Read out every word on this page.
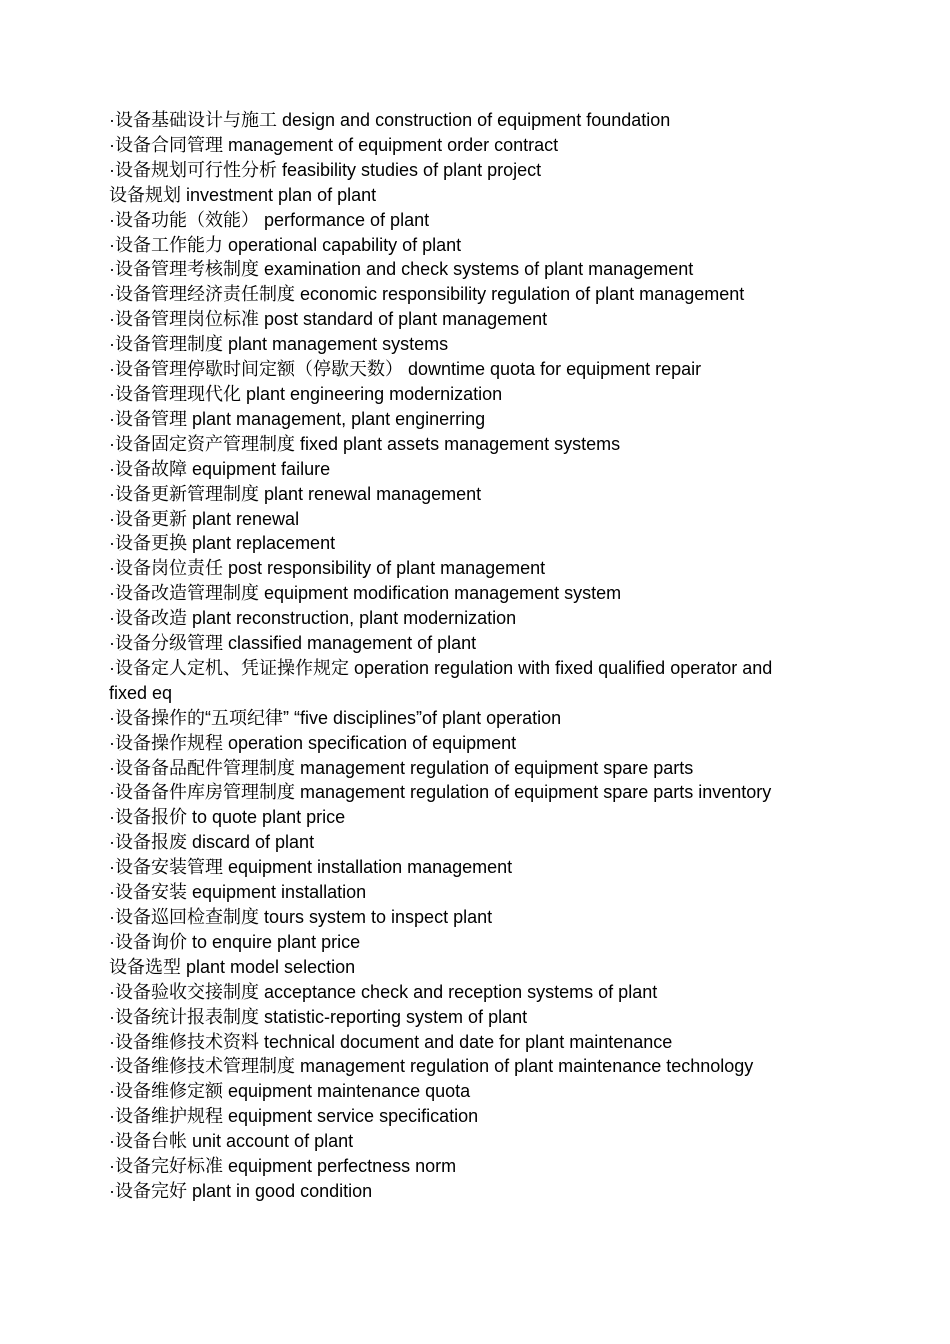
·设备基础设计与施工 design and construction of equipment foundation

·设备合同管理 management of equipment order contract

·设备规划可行性分析 feasibility studies of plant project

设备规划 investment plan of plant

·设备功能（效能） performance of plant

·设备工作能力 operational capability of plant

·设备管理考核制度 examination and check systems of plant management

·设备管理经济责任制度 economic responsibility regulation of plant management

·设备管理岗位标准 post standard of plant management

·设备管理制度 plant management systems

·设备管理停歇时间定额（停歇天数） downtime quota for equipment repair

·设备管理现代化 plant engineering modernization

·设备管理 plant management, plant enginerring

·设备固定资产管理制度 fixed plant assets management systems

·设备故障 equipment failure

·设备更新管理制度 plant renewal management

·设备更新 plant renewal

·设备更换 plant replacement

·设备岗位责任 post responsibility of plant management

·设备改造管理制度 equipment modification management system

·设备改造 plant reconstruction, plant modernization

·设备分级管理 classified management of plant

·设备定人定机、凭证操作规定 operation regulation with fixed qualified operator and fixed eq

·设备操作的“五项纪律” “five disciplines”of plant operation

·设备操作规程 operation specification of equipment

·设备备品配件管理制度 management regulation of equipment spare parts

·设备备件库房管理制度 management regulation of equipment spare parts inventory

·设备报价 to quote plant price

·设备报废 discard of plant

·设备安装管理 equipment installation management

·设备安装 equipment installation

·设备巡回检查制度 tours system to inspect plant

·设备询价 to enquire plant price

设备选型 plant model selection

·设备验收交接制度 acceptance check and reception systems of plant

·设备统计报表制度 statistic-reporting system of plant

·设备维修技术资料 technical document and date for plant maintenance

·设备维修技术管理制度 management regulation of plant maintenance technology

·设备维修定额 equipment maintenance quota

·设备维护规程 equipment service specification

·设备台帐 unit account of plant

·设备完好标准 equipment perfectness norm

·设备完好 plant in good condition
